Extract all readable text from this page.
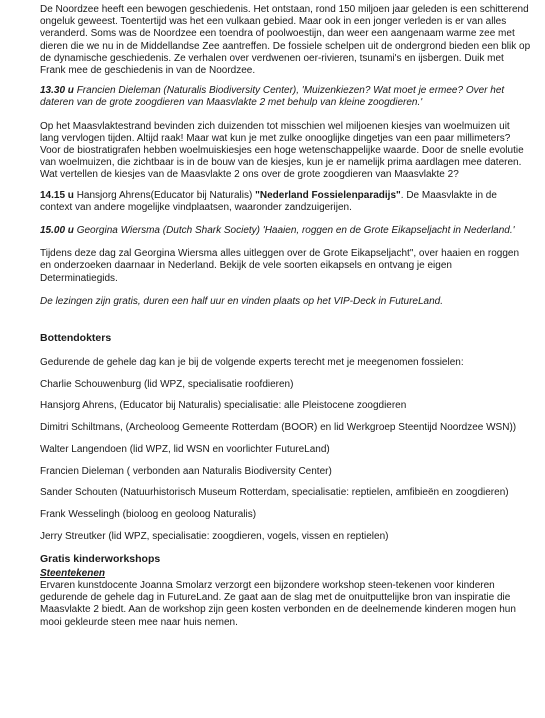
De Noordzee heeft een bewogen geschiedenis. Het ontstaan, rond 150 miljoen jaar geleden is een schitterend ongeluk geweest. Toentertijd was het een vulkaan gebied. Maar ook in een jonger verleden is er van alles veranderd. Soms was de Noordzee een toendra of poolwoestijn, dan weer een aangenaam warme zee met dieren die we nu in de Middellandse Zee aantreffen. De fossiele schelpen uit de ondergrond bieden een blik op de dynamische geschiedenis. Ze verhalen over verdwenen oer-rivieren, tsunami's en ijsbergen. Duik met Frank mee de geschiedenis in van de Noordzee.

13.30 u Francien Dieleman (Naturalis Biodiversity Center), 'Muizenkiezen? Wat moet je ermee? Over het dateren van de grote zoogdieren van Maasvlakte 2 met behulp van kleine zoogdieren.'

Op het Maasvlaktestrand bevinden zich duizenden tot misschien wel miljoenen kiesjes van woelmuizen uit lang vervlogen tijden. Altijd raak! Maar wat kun je met zulke onooglijke dingetjes van een paar millimeters? Voor de biostratigrafen hebben woelmuiskiesjes een hoge wetenschappelijke waarde. Door de snelle evolutie van woelmuizen, die zichtbaar is in de bouw van de kiesjes, kun je er namelijk prima aardlagen mee dateren. Wat vertellen de kiesjes van de Maasvlakte 2 ons over de grote zoogdieren van Maasvlakte 2?

14.15 u Hansjorg Ahrens(Educator bij Naturalis) "Nederland Fossielenparadijs". De Maasvlakte in de context van andere mogelijke vindplaatsen, waaronder zandzuigerijen.

15.00 u Georgina Wiersma (Dutch Shark Society) 'Haaien, roggen en de Grote Eikapseljacht in Nederland.'

Tijdens deze dag zal Georgina Wiersma alles uitleggen over de Grote Eikapseljacht", over haaien en roggen en onderzoeken daarnaar in Nederland. Bekijk de vele soorten eikapsels en ontvang je eigen Determinatiegids.

De lezingen zijn gratis, duren een half uur en vinden plaats op het VIP-Deck in FutureLand.

Bottendokters

Gedurende de gehele dag kan je bij de volgende experts terecht met je meegenomen fossielen:

Charlie Schouwenburg (lid WPZ, specialisatie roofdieren)

Hansjorg Ahrens, (Educator bij Naturalis) specialisatie: alle Pleistocene zoogdieren

Dimitri Schiltmans, (Archeoloog Gemeente Rotterdam (BOOR) en lid Werkgroep Steentijd Noordzee WSN))

Walter Langendoen (lid WPZ, lid WSN en voorlichter FutureLand)

Francien Dieleman ( verbonden aan Naturalis Biodiversity Center)

Sander Schouten (Natuurhistorisch Museum Rotterdam, specialisatie: reptielen, amfibieën en zoogdieren)

Frank Wesselingh (bioloog en geoloog Naturalis)

Jerry Streutker (lid WPZ, specialisatie: zoogdieren, vogels, vissen en reptielen)

Gratis kinderworkshops

Steentekenen

Ervaren kunstdocente Joanna Smolarz verzorgt een bijzondere workshop steen-tekenen voor kinderen gedurende de gehele dag in FutureLand. Ze gaat aan de slag met de onuitputtelijke bron van inspiratie die Maasvlakte 2 biedt. Aan de workshop zijn geen kosten verbonden en de deelnemende kinderen mogen hun mooi gekleurde steen mee naar huis nemen.
